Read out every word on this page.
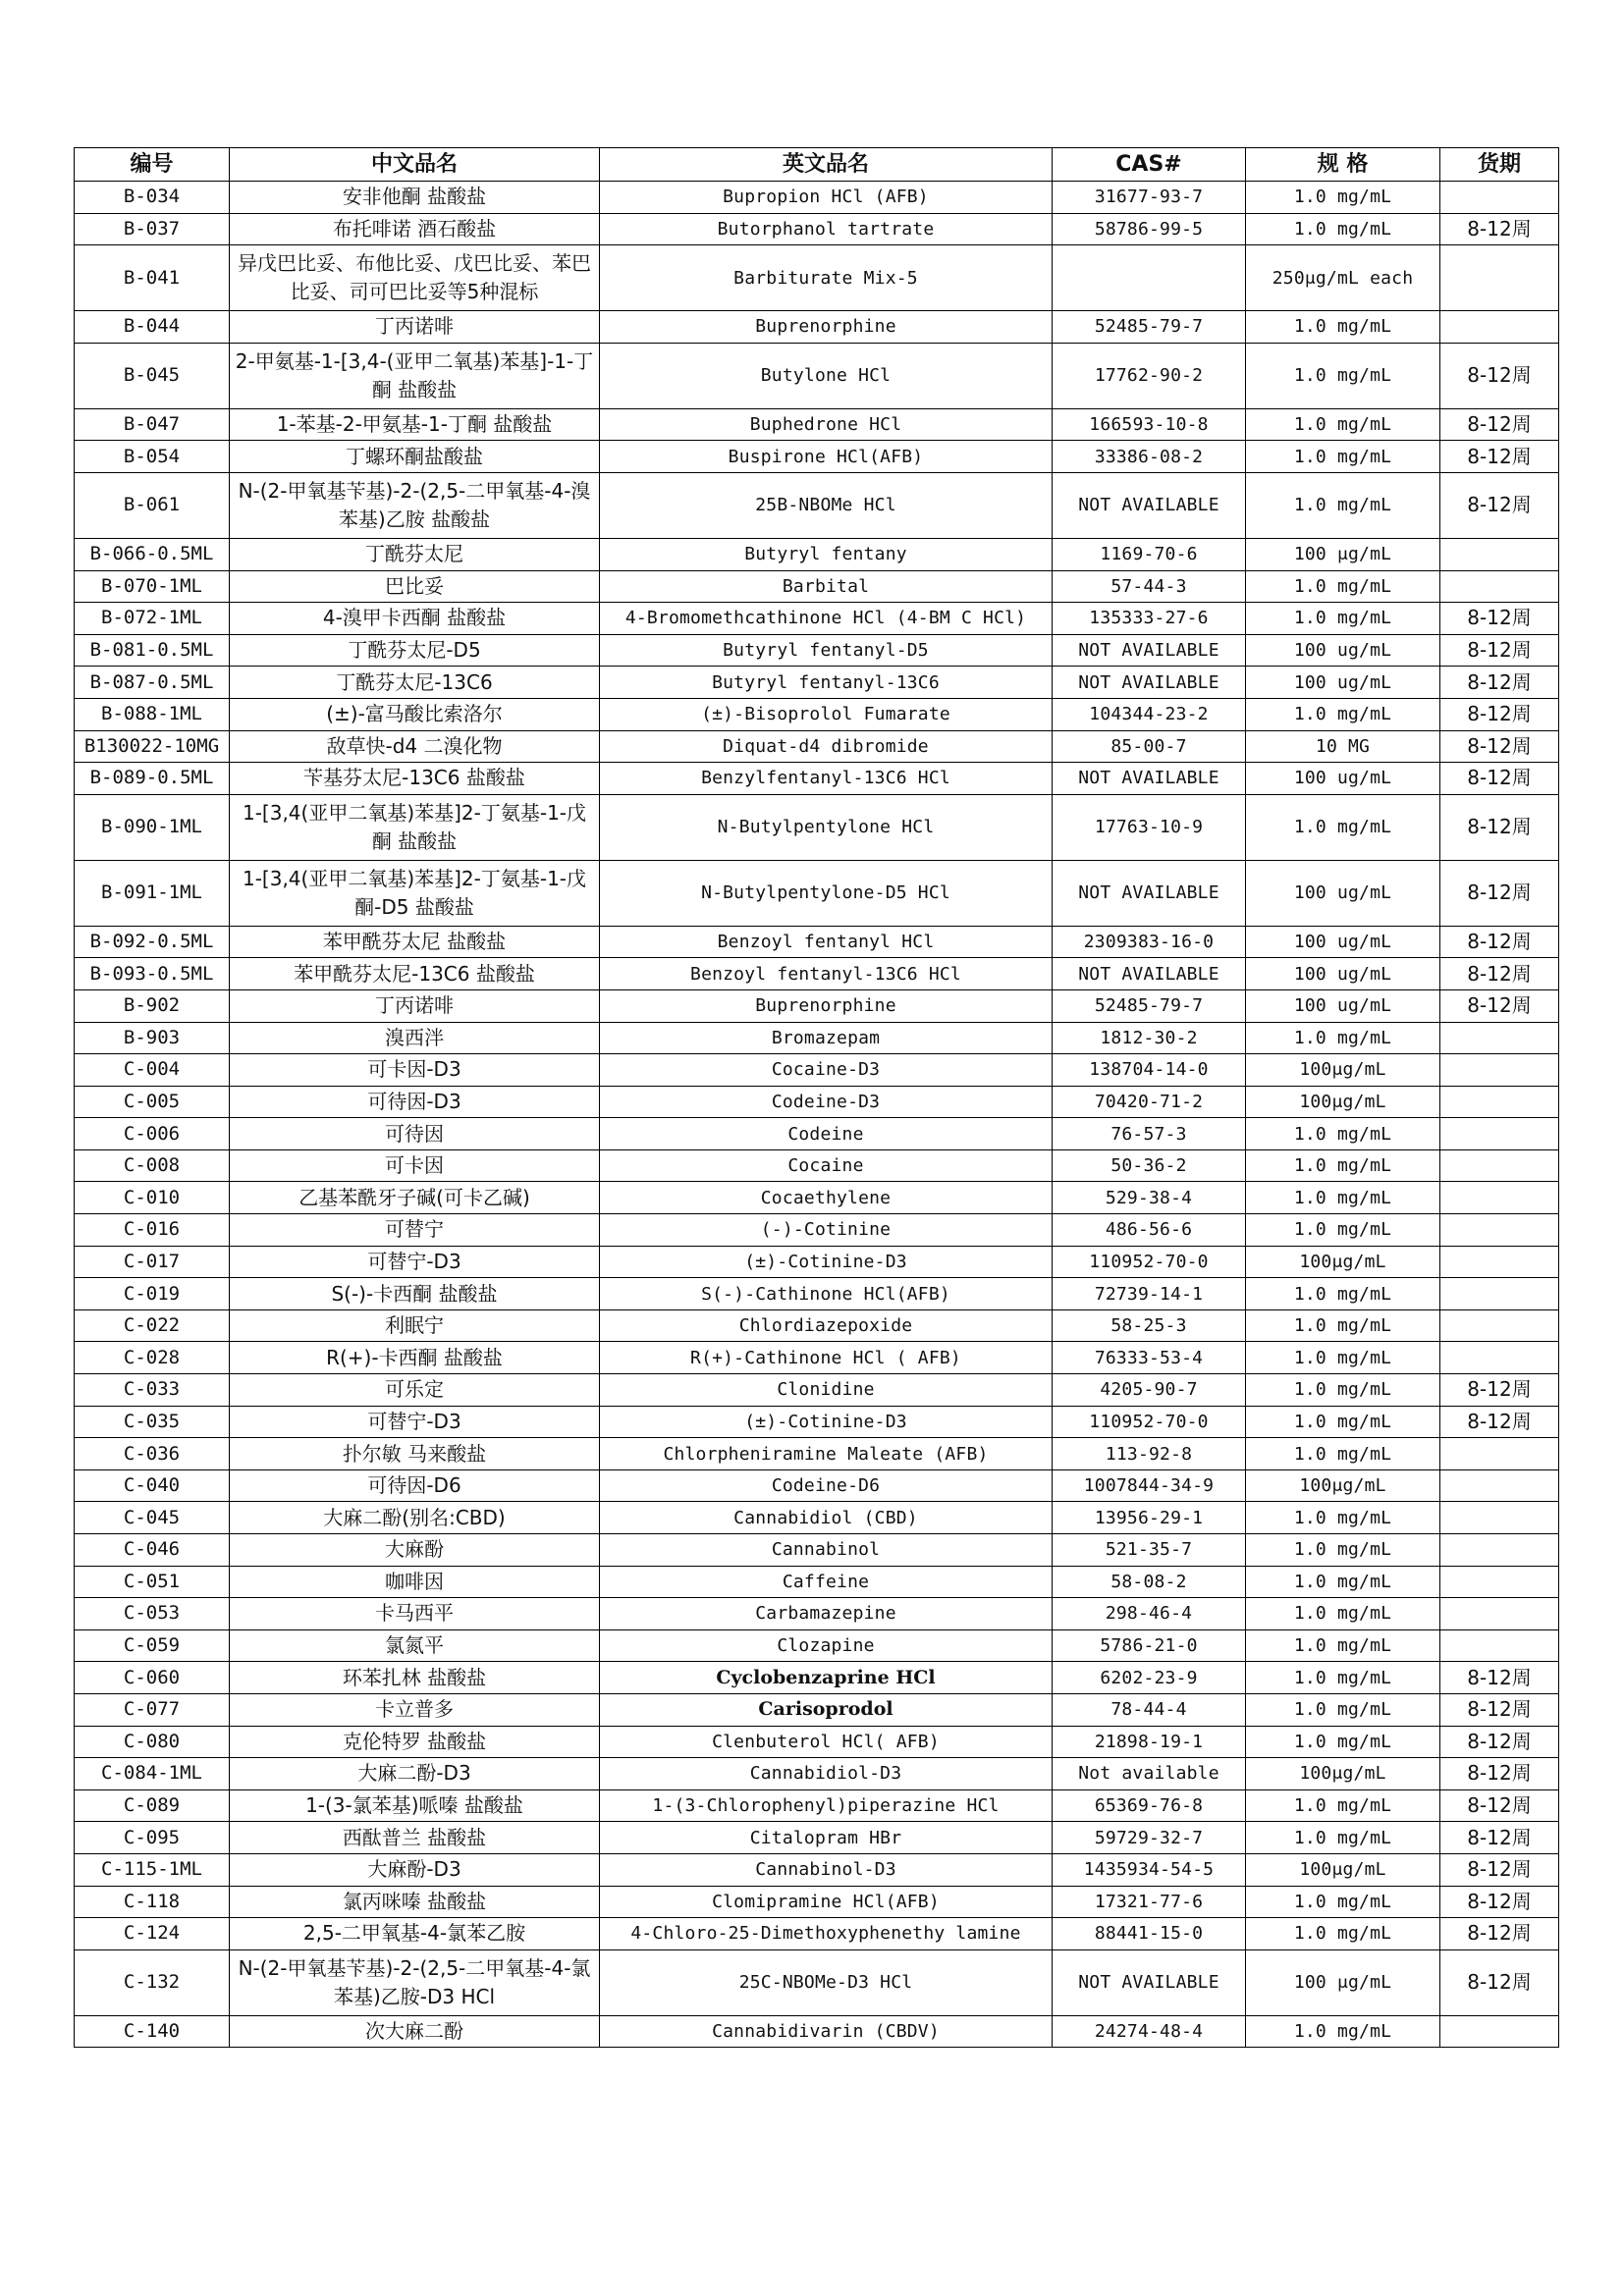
编号	中文品名	英文品名	CAS#	规 格	货期
B-034	安非他酮 盐酸盐	Bupropion HCl (AFB)	31677-93-7	1.0 mg/mL	
B-037	布托啡诺 酒石酸盐	Butorphanol tartrate	58786-99-5	1.0 mg/mL	8-12周
B-041	异戊巴比妥、布他比妥、戊巴比妥、苯巴比妥、司可巴比妥等5种混标	Barbiturate Mix-5		250μg/mL each	
B-044	丁丙诺啡	Buprenorphine	52485-79-7	1.0 mg/mL	
B-045	2-甲氨基-1-[3,4-(亚甲二氧基)苯基]-1-丁酮 盐酸盐	Butylone HCl	17762-90-2	1.0 mg/mL	8-12周
B-047	1-苯基-2-甲氨基-1-丁酮 盐酸盐	Buphedrone HCl	166593-10-8	1.0 mg/mL	8-12周
B-054	丁螺环酮盐酸盐	Buspirone HCl(AFB)	33386-08-2	1.0 mg/mL	8-12周
B-061	N-(2-甲氧基苄基)-2-(2,5-二甲氧基-4-溴苯基)乙胺 盐酸盐	25B-NBOMe HCl	NOT AVAILABLE	1.0 mg/mL	8-12周
B-066-0.5ML	丁酰芬太尼	Butyryl fentany	1169-70-6	100 μg/mL	
B-070-1ML	巴比妥	Barbital	57-44-3	1.0 mg/mL	
B-072-1ML	4-溴甲卡西酮 盐酸盐	4-Bromomethcathinone HCl (4-BM C HCl)	135333-27-6	1.0 mg/mL	8-12周
B-081-0.5ML	丁酰芬太尼-D5	Butyryl fentanyl-D5	NOT AVAILABLE	100 ug/mL	8-12周
B-087-0.5ML	丁酰芬太尼-13C6	Butyryl fentanyl-13C6	NOT AVAILABLE	100 ug/mL	8-12周
B-088-1ML	(±)-富马酸比索洛尔	(±)-Bisoprolol Fumarate	104344-23-2	1.0 mg/mL	8-12周
B130022-10MG	敌草快-d4 二溴化物	Diquat-d4 dibromide	85-00-7	10 MG	8-12周
B-089-0.5ML	苄基芬太尼-13C6 盐酸盐	Benzylfentanyl-13C6 HCl	NOT AVAILABLE	100 ug/mL	8-12周
B-090-1ML	1-[3,4(亚甲二氧基)苯基]2-丁氨基-1-戊酮 盐酸盐	N-Butylpentylone HCl	17763-10-9	1.0 mg/mL	8-12周
B-091-1ML	1-[3,4(亚甲二氧基)苯基]2-丁氨基-1-戊酮-D5 盐酸盐	N-Butylpentylone-D5 HCl	NOT AVAILABLE	100 ug/mL	8-12周
B-092-0.5ML	苯甲酰芬太尼 盐酸盐	Benzoyl fentanyl HCl	2309383-16-0	100 ug/mL	8-12周
B-093-0.5ML	苯甲酰芬太尼-13C6 盐酸盐	Benzoyl fentanyl-13C6 HCl	NOT AVAILABLE	100 ug/mL	8-12周
B-902	丁丙诺啡	Buprenorphine	52485-79-7	100 ug/mL	8-12周
B-903	溴西泮	Bromazepam	1812-30-2	1.0 mg/mL	
C-004	可卡因-D3	Cocaine-D3	138704-14-0	100μg/mL	
C-005	可待因-D3	Codeine-D3	70420-71-2	100μg/mL	
C-006	可待因	Codeine	76-57-3	1.0 mg/mL	
C-008	可卡因	Cocaine	50-36-2	1.0 mg/mL	
C-010	乙基苯酰牙子碱(可卡乙碱)	Cocaethylene	529-38-4	1.0 mg/mL	
C-016	可替宁	(-)-Cotinine	486-56-6	1.0 mg/mL	
C-017	可替宁-D3	(±)-Cotinine-D3	110952-70-0	100μg/mL	
C-019	S(-)-卡西酮 盐酸盐	S(-)-Cathinone HCl(AFB)	72739-14-1	1.0 mg/mL	
C-022	利眠宁	Chlordiazepoxide	58-25-3	1.0 mg/mL	
C-028	R(+)-卡西酮 盐酸盐	R(+)-Cathinone HCl ( AFB)	76333-53-4	1.0 mg/mL	
C-033	可乐定	Clonidine	4205-90-7	1.0 mg/mL	8-12周
C-035	可替宁-D3	(±)-Cotinine-D3	110952-70-0	1.0 mg/mL	8-12周
C-036	扑尔敏 马来酸盐	Chlorpheniramine Maleate (AFB)	113-92-8	1.0 mg/mL	
C-040	可待因-D6	Codeine-D6	1007844-34-9	100μg/mL	
C-045	大麻二酚(别名:CBD)	Cannabidiol (CBD)	13956-29-1	1.0 mg/mL	
C-046	大麻酚	Cannabinol	521-35-7	1.0 mg/mL	
C-051	咖啡因	Caffeine	58-08-2	1.0 mg/mL	
C-053	卡马西平	Carbamazepine	298-46-4	1.0 mg/mL	
C-059	氯氮平	Clozapine	5786-21-0	1.0 mg/mL	
C-060	环苯扎林 盐酸盐	Cyclobenzaprine HCl	6202-23-9	1.0 mg/mL	8-12周
C-077	卡立普多	Carisoprodol	78-44-4	1.0 mg/mL	8-12周
C-080	克伦特罗 盐酸盐	Clenbuterol HCl( AFB)	21898-19-1	1.0 mg/mL	8-12周
C-084-1ML	大麻二酚-D3	Cannabidiol-D3	Not available	100μg/mL	8-12周
C-089	1-(3-氯苯基)哌嗪 盐酸盐	1-(3-Chlorophenyl)piperazine HCl	65369-76-8	1.0 mg/mL	8-12周
C-095	西酞普兰 盐酸盐	Citalopram HBr	59729-32-7	1.0 mg/mL	8-12周
C-115-1ML	大麻酚-D3	Cannabinol-D3	1435934-54-5	100μg/mL	8-12周
C-118	氯丙咪嗪 盐酸盐	Clomipramine HCl(AFB)	17321-77-6	1.0 mg/mL	8-12周
C-124	2,5-二甲氧基-4-氯苯乙胺	4-Chloro-25-Dimethoxyphenethy lamine	88441-15-0	1.0 mg/mL	8-12周
C-132	N-(2-甲氧基苄基)-2-(2,5-二甲氧基-4-氯苯基)乙胺-D3 HCl	25C-NBOMe-D3 HCl	NOT AVAILABLE	100 μg/mL	8-12周
C-140	次大麻二酚	Cannabidivarin (CBDV)	24274-48-4	1.0 mg/mL	
